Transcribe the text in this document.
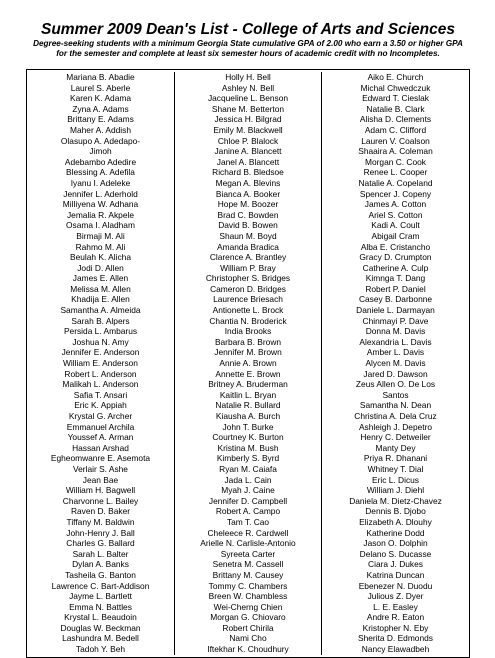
Summer 2009 Dean's List - College of Arts and Sciences

Degree-seeking students with a minimum Georgia State cumulative GPA of 2.00 who earn a 3.50 or higher GPA

for the semester and complete at least six semester hours of academic credit with no Incompletes.

Mariana B. Abadie
Laurel S. Aberle
Karen K. Adama
Zyna A. Adams
Brittany E. Adams
Maher A. Addish
Olasupo A. Adedapo-
Jimoh
Adebambo Adedire
Blessing A. Adefila
Iyanu I. Adeleke
Jennifer L. Aderhold
Milliyena W. Adhana
Jemalia R. Akpele
Osama I. Aladham
Birmaji M. Ali
Rahmo M. Ali
Beulah K. Alicha
Jodi D. Allen
James E. Allen
Melissa M. Allen
Khadija E. Allen
Samantha A. Almeida
Sarah B. Alpers
Persida L. Ambarus
Joshua N. Amy
Jennifer E. Anderson
William E. Anderson
Robert L. Anderson
Malikah L. Anderson
Safia T. Ansari
Eric K. Appiah
Krystal G. Archer
Emmanuel Archila
Youssef A. Arman
Hassan Arshad
Egheomwanre E. Asemota
Verlair S. Ashe
Jean Bae
William H. Bagwell
Charvonne L. Bailey
Raven D. Baker
Tiffany M. Baldwin
John-Henry J. Ball
Charles G. Ballard
Sarah L. Balter
Dylan A. Banks
Tasheila G. Banton
Lawrence C. Bart-Addison
Jayme L. Bartlett
Emma N. Battles
Krystal L. Beaudoin
Douglas W. Beckman
Lashundra M. Bedell
Tadoh Y. Beh
Holly H. Bell
Ashley N. Bell
Jacqueline L. Benson
Shane M. Betterton
Jessica H. Bilgrad
Emily M. Blackwell
Chloe P. Blalock
Janine A. Blancett
Janel A. Blancett
Richard B. Bledsoe
Megan A. Blevins
Bianca A. Booker
Hope M. Boozer
Brad C. Bowden
David B. Bowen
Shaun M. Boyd
Amanda Bradica
Clarence A. Brantley
William P. Bray
Christopher S. Bridges
Cameron D. Bridges
Laurence Briesach
Antionette L. Brock
Chantia N. Broderick
India Brooks
Barbara B. Brown
Jennifer M. Brown
Annie A. Brown
Annette E. Brown
Britney A. Bruderman
Kaitlin L. Bryan
Natalie R. Bullard
Kiausha A. Burch
John T. Burke
Courtney K. Burton
Kristina M. Bush
Kimberly S. Byrd
Ryan M. Caiafa
Jada L. Cain
Myah J. Caine
Jennifer D. Campbell
Robert A. Campo
Tam T. Cao
Cheleece R. Cardwell
Arielle N. Carlisle-Antonio
Syreeta Carter
Senetra M. Cassell
Brittany M. Causey
Tommy C. Chambers
Breen W. Chambless
Wei-Cherng Chien
Morgan G. Chiovaro
Robert Chirila
Nami Cho
Iftekhar K. Choudhury
Aiko E. Church
Michal Chwedczuk
Edward T. Cieslak
Natalie B. Clark
Alisha D. Clements
Adam C. Clifford
Lauren V. Coalson
Shaaira A. Coleman
Morgan C. Cook
Renee L. Cooper
Natalie A. Copeland
Spencer J. Copeny
James A. Cotton
Ariel S. Cotton
Kadi A. Coult
Abigail Cram
Alba E. Cristancho
Gracy D. Crumpton
Catherine A. Culp
Kimnga T. Dang
Robert P. Daniel
Casey B. Darbonne
Daniele L. Darmayan
Chinmayi P. Dave
Donna M. Davis
Alexandria L. Davis
Amber L. Davis
Alycen M. Davis
Jared D. Dawson
Zeus Allen O. De Los
Santos
Samantha N. Dean
Christina A. Dela Cruz
Ashleigh J. Depetro
Henry C. Detweiler
Manty Dey
Priya R. Dhanani
Whitney T. Dial
Eric L. Dicus
William J. Diehl
Daniela M. Dietz-Chavez
Dennis B. Djobo
Elizabeth A. Dlouhy
Katherine Dodd
Jason O. Dolphin
Delano S. Ducasse
Ciara J. Dukes
Katrina Duncan
Ebenezer N. Duodu
Julious Z. Dyer
L. E. Easley
Andre R. Eaton
Kristopher N. Eby
Sherita D. Edmonds
Nancy Elawadbeh
